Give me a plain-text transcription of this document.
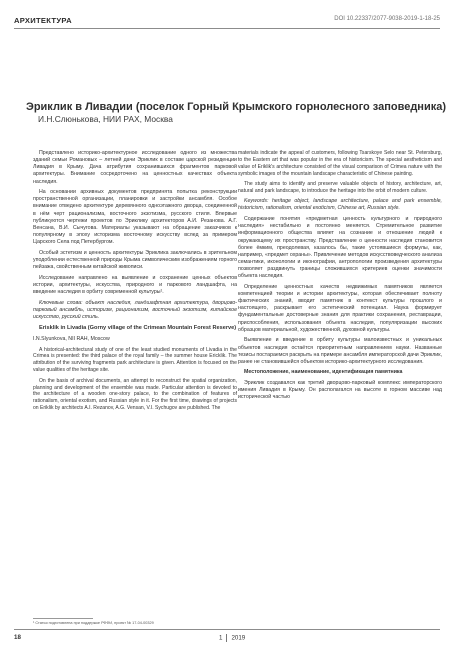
АРХИТЕКТУРА	DOI 10.22337/2077-9038-2019-1-18-25
Эриклик в Ливадии (поселок Горный Крымского горнолесного заповедника)
И.Н.Слюнькова, НИИ РАХ, Москва

Представлено историко-архитектурное исследование одного из множества зданий семьи Романовых – летней дачи Эриклик в составе царской резиденции Ливадия в Крыму. Дача атрибутия сохранившихся фрагментов парковой архитектуры. Внимание сосредоточено на ценностных качествах объекта наследия.

На основании архивных документов предпринята попытка реконструкции пространственной организации, планировки и застройки ансамбля. Особое внимание отведено архитектуре деревянного одноэтажного дворца, соединенной в нём черт рационализма, восточного экзотизма, русского стиля. Впервые публикуются чертежи проектов по Эриклику архитекторов А.И. Резанова. А.Г. Венсана, В.И. Сычугова. Материалы указывают на обращение заказчиков к популярному в эпоху историзма восточному искусству вслед за примером Царского Села под Петербургом.

Особый эстетизм и ценность архитектуры Эриклика заключались в зрительном уподоблении естественной природы Крыма символическим изображениям горного пейзажа, свойственным китайской живописи.

Исследование направлено на выявление и сохранение ценных объектов истории, архитектуры, искусства, природного и паркового ландшафта, на введение наследия в орбиту современной культуры¹.

Ключевые слова: объект наследия, ландшафтная архитектура, дворцово-парковый ансамбль, историзм, рационализм, восточный экзотизм, китайское искусство, русский стиль.

Erisklik in Livadia (Gorny village of the Crimean Mountain Forest Reserve)

I.N.Slyunkova, NII RAH, Moscow

A historical-architectural study of one of the least studied monuments of Livadia in the Crimea is presented: the third palace of the royal family – the summer house Ericklik. The attribution of the surviving fragments park architecture is given. Attention is focused on the value qualities of the heritage site.

On the basis of archival documents, an attempt to reconstruct the spatial organization, planning and development of the ensemble was made. Particular attention is devoted to the architecture of a wooden one-story palace, to the combination of features of rationalism, oriental exotism, and Russian style in it. For the first time, drawings of projects on Eriklik by architects A.I. Rezanov, A.G. Vensan, V.I. Sychugov are published. The

materials indicate the appeal of customers, following Tsarskoye Selo near St. Petersburg, to the Eastern art that was popular in the era of historicism. The special aestheticism and value of Eriklik's architecture consisted of the visual comparison of Crimea nature with the symbolic images of the mountain landscape characteristic of Chinese painting.

The study aims to identify and preserve valuable objects of history, architecture, art, natural and park landscape, to introduce the heritage into the orbit of modern culture.

Keywords: heritage object, landscape architecture, palace and park ensemble, historicism, rationalism, oriental exoticism, Chinese art, Russian style.

Содержание понятия «предметная ценность культурного и природного наследия» нестабильно и постоянно меняется. Стремительное развитие информационного общества влияет на сознание и отношение людей к окружающему их пространству. Представление о ценности наследия становится более ёмким, преодолевая, казалось бы, такие устоявшиеся формулы, как, например, «предмет охраны». Привлечение методов искусствоведческого анализа семантики, иконологии и иконографии, антропологии произведения архитектуры позволяет раздвинуть границы сложившихся критериев оценки значимости объекта наследия.

Определение ценностных качеств недвижимых памятников является компетенцией теории и истории архитектуры, которая обеспечивает полноту фактических знаний, вводит памятник в контекст культуры прошлого и настоящего, раскрывает его эстетический потенциал. Наука формирует фундаментальные достоверные знания для практики сохранения, реставрации, приспособления, использования объекта наследия, популяризации высоких образцов материальной, художественной, духовной культуры.

Выявление и введение в орбиту культуры малоизвестных и уникальных объектов наследия остаётся приоритетным направлением науки. Названные тезисы постараемся раскрыть на примере ансамбля императорской дачи Эриклик, ранее не становившейся объектом историко-архитектурного исследования.

Местоположение, наименование, идентификация памятника

Эриклик создавался как третий дворцово-парковый комплекс императорского имения Ливадия в Крыму. Он располагался на высоте в горном массиве над исторической частью

¹ Статья подготовлена при поддержке РФФИ, проект № 17-04-00329
18	1 2019
